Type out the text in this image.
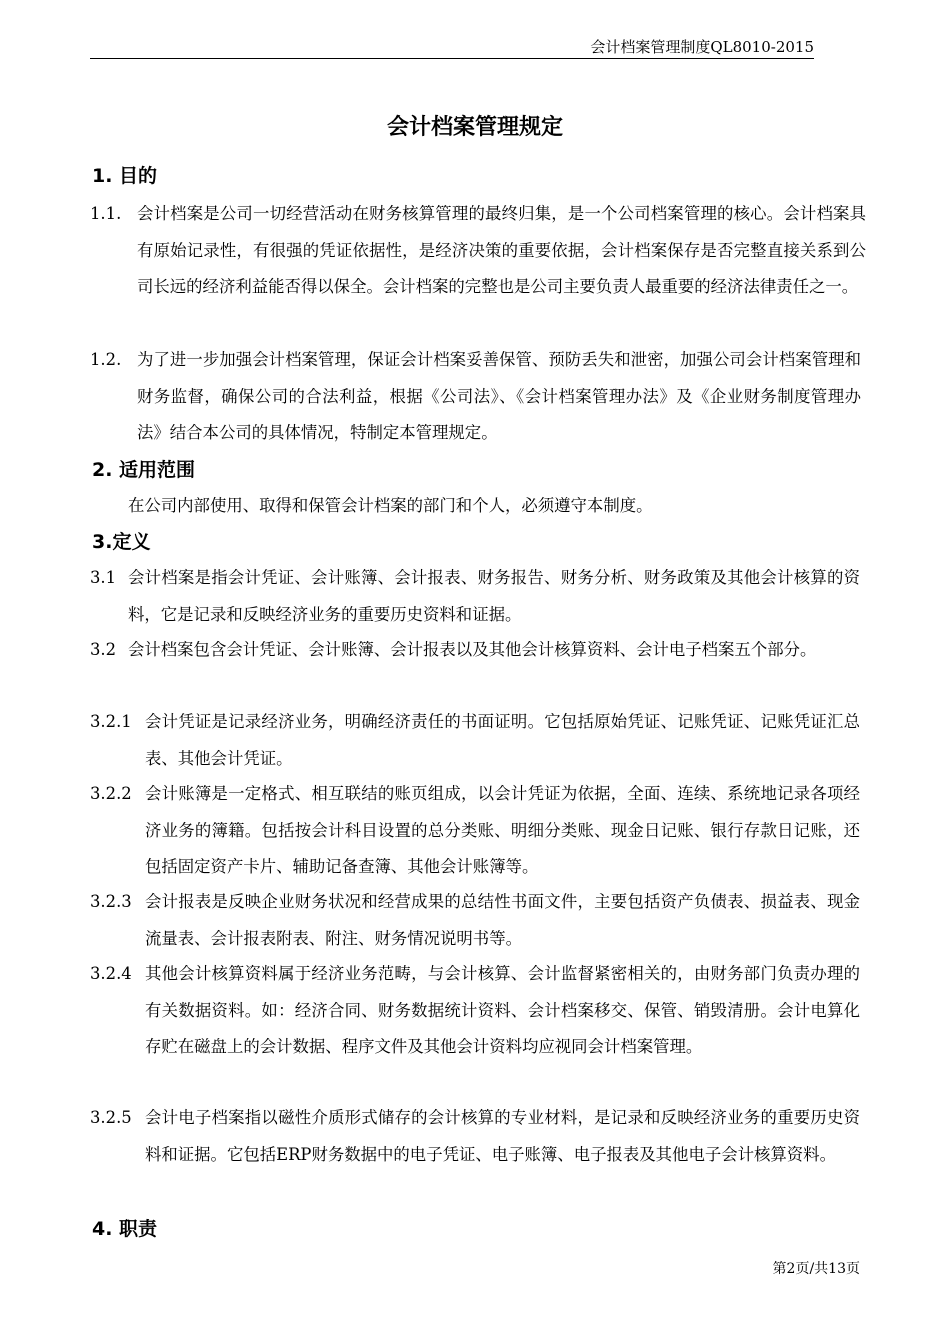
会计档案管理制度QL8010-2015
会计档案管理规定
1. 目的
1.1. 会计档案是公司一切经营活动在财务核算管理的最终归集，是一个公司档案管理的核心。会计档案具有原始记录性，有很强的凭证依据性，是经济决策的重要依据，会计档案保存是否完整直接关系到公司长远的经济利益能否得以保全。会计档案的完整也是公司主要负责人最重要的经济法律责任之一。
1.2. 为了进一步加强会计档案管理，保证会计档案妥善保管、预防丢失和泄密，加强公司会计档案管理和财务监督，确保公司的合法利益，根据《公司法》、《会计档案管理办法》及《企业财务制度管理办法》结合本公司的具体情况，特制定本管理规定。
2. 适用范围
在公司内部使用、取得和保管会计档案的部门和个人，必须遵守本制度。
3.定义
3.1 会计档案是指会计凭证、会计账簿、会计报表、财务报告、财务分析、财务政策及其他会计核算的资料，它是记录和反映经济业务的重要历史资料和证据。
3.2 会计档案包含会计凭证、会计账簿、会计报表以及其他会计核算资料、会计电子档案五个部分。
3.2.1 会计凭证是记录经济业务，明确经济责任的书面证明。它包括原始凭证、记账凭证、记账凭证汇总表、其他会计凭证。
3.2.2 会计账簿是一定格式、相互联结的账页组成，以会计凭证为依据，全面、连续、系统地记录各项经济业务的簿籍。包括按会计科目设置的总分类账、明细分类账、现金日记账、银行存款日记账，还包括固定资产卡片、辅助记备查簿、其他会计账簿等。
3.2.3 会计报表是反映企业财务状况和经营成果的总结性书面文件，主要包括资产负债表、损益表、现金流量表、会计报表附表、附注、财务情况说明书等。
3.2.4 其他会计核算资料属于经济业务范畴，与会计核算、会计监督紧密相关的，由财务部门负责办理的有关数据资料。如：经济合同、财务数据统计资料、会计档案移交、保管、销毁清册。会计电算化存贮在磁盘上的会计数据、程序文件及其他会计资料均应视同会计档案管理。
3.2.5 会计电子档案指以磁性介质形式储存的会计核算的专业材料，是记录和反映经济业务的重要历史资料和证据。它包括ERP财务数据中的电子凭证、电子账簿、电子报表及其他电子会计核算资料。
4. 职责
第2页/共13页
